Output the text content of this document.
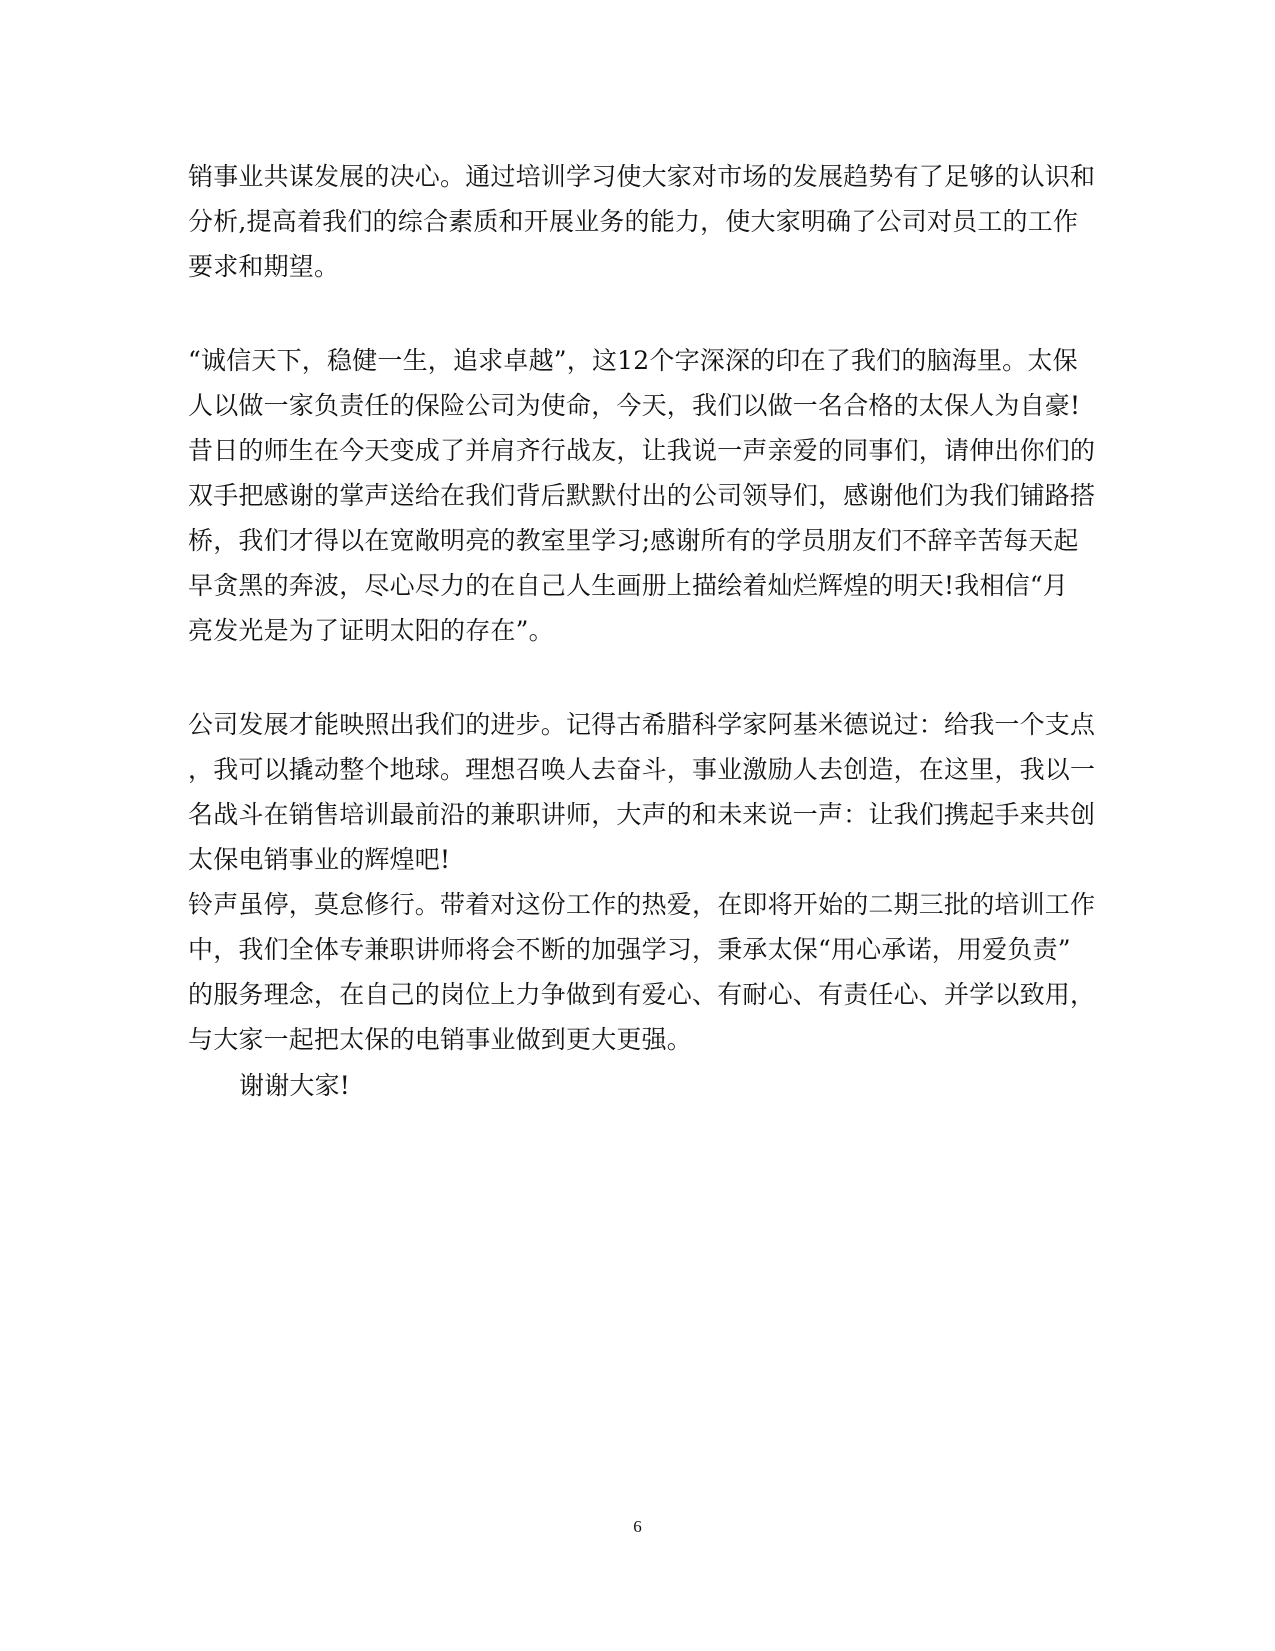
销事业共谋发展的决心。通过培训学习使大家对市场的发展趋势有了足够的认识和
分析,提高着我们的综合素质和开展业务的能力，使大家明确了公司对员工的工作
要求和期望。
“诚信天下，稳健一生，追求卓越”，这12个字深深的印在了我们的脑海里。太保
人以做一家负责任的保险公司为使命，今天，我们以做一名合格的太保人为自豪!
昔日的师生在今天变成了并肩齐行战友，让我说一声亲爱的同事们，请伸出你们的
双手把感谢的掌声送给在我们背后默默付出的公司领导们，感谢他们为我们铺路搭
桥，我们才得以在宽敞明亮的教室里学习;感谢所有的学员朋友们不辞辛苦每天起
早贪黑的奔波，尽心尽力的在自己人生画册上描绘着灿烂辉煌的明天!我相信“月
亮发光是为了证明太阳的存在”。
公司发展才能映照出我们的进步。记得古希腊科学家阿基米德说过：给我一个支点
，我可以撬动整个地球。理想召唤人去奋斗，事业激励人去创造，在这里，我以一
名战斗在销售培训最前沿的兼职讲师，大声的和未来说一声：让我们携起手来共创
太保电销事业的辉煌吧!
铃声虽停，莫怠修行。带着对这份工作的热爱，在即将开始的二期三批的培训工作
中，我们全体专兼职讲师将会不断的加强学习，秉承太保“用心承诺，用爱负责”
的服务理念，在自己的岗位上力争做到有爱心、有耐心、有责任心、并学以致用，
与大家一起把太保的电销事业做到更大更强。
谢谢大家!
6
